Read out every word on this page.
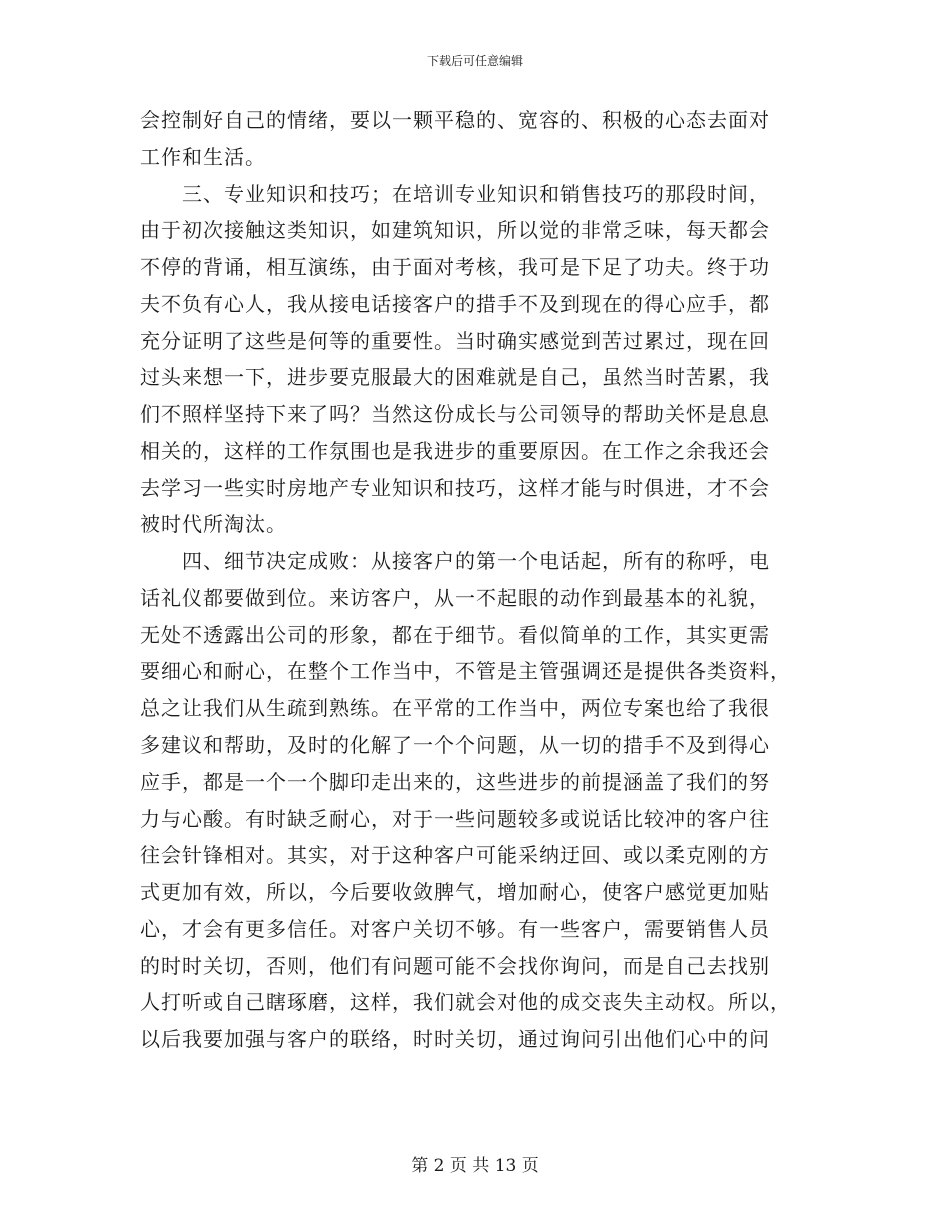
下载后可任意编辑
会控制好自己的情绪，要以一颗平稳的、宽容的、积极的心态去面对
工作和生活。
　　三、专业知识和技巧；在培训专业知识和销售技巧的那段时间，
由于初次接触这类知识，如建筑知识，所以觉的非常乏味，每天都会
不停的背诵，相互演练，由于面对考核，我可是下足了功夫。终于功
夫不负有心人，我从接电话接客户的措手不及到现在的得心应手，都
充分证明了这些是何等的重要性。当时确实感觉到苦过累过，现在回
过头来想一下，进步要克服最大的困难就是自己，虽然当时苦累，我
们不照样坚持下来了吗？当然这份成长与公司领导的帮助关怀是息息
相关的，这样的工作氛围也是我进步的重要原因。在工作之余我还会
去学习一些实时房地产专业知识和技巧，这样才能与时俱进，才不会
被时代所淘汰。
　　四、细节决定成败：从接客户的第一个电话起，所有的称呼，电
话礼仪都要做到位。来访客户，从一不起眼的动作到最基本的礼貌，
无处不透露出公司的形象，都在于细节。看似简单的工作，其实更需
要细心和耐心，在整个工作当中，不管是主管强调还是提供各类资料，
总之让我们从生疏到熟练。在平常的工作当中，两位专案也给了我很
多建议和帮助，及时的化解了一个个问题，从一切的措手不及到得心
应手，都是一个一个脚印走出来的，这些进步的前提涵盖了我们的努
力与心酸。有时缺乏耐心，对于一些问题较多或说话比较冲的客户往
往会针锋相对。其实，对于这种客户可能采纳迂回、或以柔克刚的方
式更加有效，所以，今后要收敛脾气，增加耐心，使客户感觉更加贴
心，才会有更多信任。对客户关切不够。有一些客户，需要销售人员
的时时关切，否则，他们有问题可能不会找你询问，而是自己去找别
人打听或自己瞎琢磨，这样，我们就会对他的成交丧失主动权。所以，
以后我要加强与客户的联络，时时关切，通过询问引出他们心中的问
第 2 页 共 13 页
